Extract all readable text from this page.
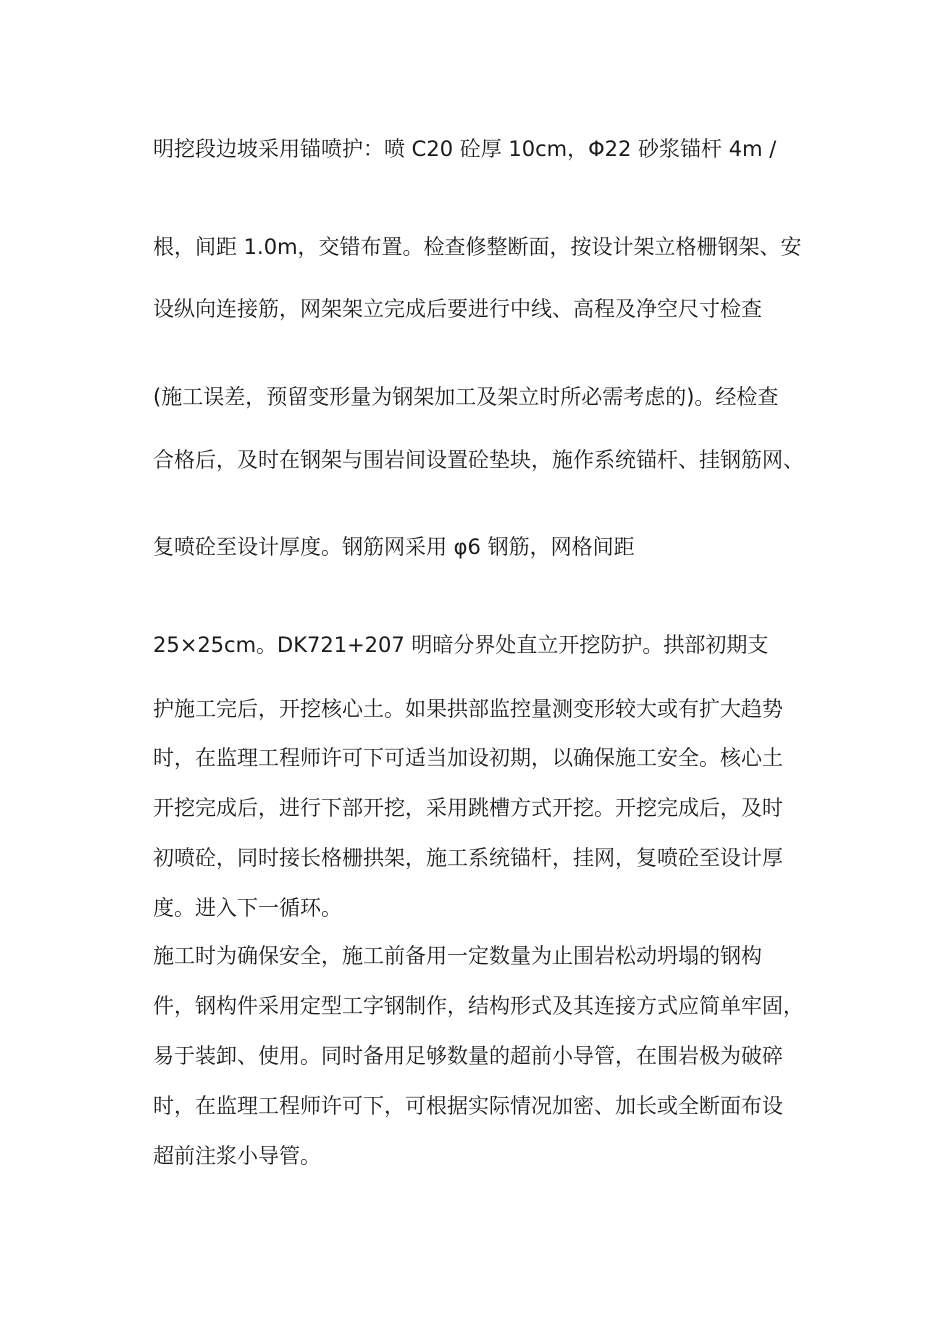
明挖段边坡采用锚喷护：喷 C20 砼厚 10cm，Φ22 砂浆锚杆 4m /
根，间距 1.0m，交错布置。检查修整断面，按设计架立格栅钢架、安
设纵向连接筋，网架架立完成后要进行中线、高程及净空尺寸检查
(施工误差，预留变形量为钢架加工及架立时所必需考虑的)。经检查
合格后，及时在钢架与围岩间设置砼垫块，施作系统锚杆、挂钢筋网、
复喷砼至设计厚度。钢筋网采用 φ6 钢筋，网格间距
25×25cm。DK721+207 明暗分界处直立开挖防护。拱部初期支
护施工完后，开挖核心土。如果拱部监控量测变形较大或有扩大趋势
时，在监理工程师许可下可适当加设初期，以确保施工安全。核心土
开挖完成后，进行下部开挖，采用跳槽方式开挖。开挖完成后，及时
初喷砼，同时接长格栅拱架，施工系统锚杆，挂网，复喷砼至设计厚
度。进入下一循环。
施工时为确保安全，施工前备用一定数量为止围岩松动坍塌的钢构
件，钢构件采用定型工字钢制作，结构形式及其连接方式应简单牢固，
易于装卸、使用。同时备用足够数量的超前小导管，在围岩极为破碎
时，在监理工程师许可下，可根据实际情况加密、加长或全断面布设
超前注浆小导管。
